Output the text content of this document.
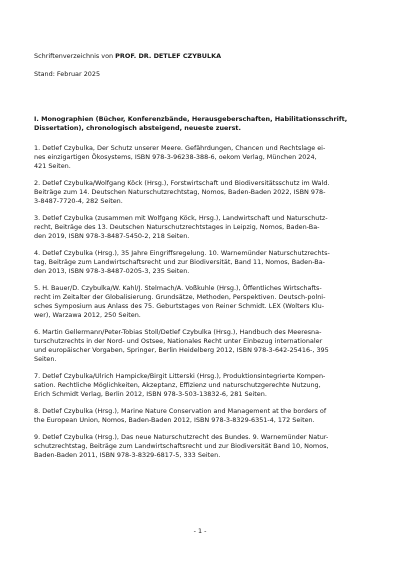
Schriftenverzeichnis von PROF. DR. DETLEF CZYBULKA
Stand: Februar 2025
I. Monographien (Bücher, Konferenzbände, Herausgeberschaften, Habilitationsschrift,
Dissertation), chronologisch absteigend, neueste zuerst.
1. Detlef Czybulka, Der Schutz unserer Meere. Gefährdungen, Chancen und Rechtslage ei-
nes einzigartigen Ökosystems, ISBN 978-3-96238-388-6, oekom Verlag, München 2024,
421 Seiten.
2. Detlef Czybulka/Wolfgang Köck (Hrsg.), Forstwirtschaft und Biodiversitätsschutz im Wald.
Beiträge zum 14. Deutschen Naturschutzrechtstag, Nomos, Baden-Baden 2022, ISBN 978-
3-8487-7720-4, 282 Seiten.
3. Detlef Czybulka (zusammen mit Wolfgang Köck, Hrsg.), Landwirtschaft und Naturschutz-
recht, Beiträge des 13. Deutschen Naturschutzrechtstages in Leipzig, Nomos, Baden-Ba-
den 2019, ISBN 978-3-8487-5450-2, 218 Seiten.
4. Detlef Czybulka (Hrsg.), 35 Jahre Eingriffsregelung. 10. Warnemünder Naturschutzrechts-
tag, Beiträge zum Landwirtschaftsrecht und zur Biodiversität, Band 11, Nomos, Baden-Ba-
den 2013, ISBN 978-3-8487-0205-3, 235 Seiten.
5. H. Bauer/D. Czybulka/W. Kahl/J. Stelmach/A. Voßkuhle (Hrsg.), Öffentliches Wirtschafts-
recht im Zeitalter der Globalisierung. Grundsätze, Methoden, Perspektiven. Deutsch-polni-
sches Symposium aus Anlass des 75. Geburtstages von Reiner Schmidt. LEX (Wolters Klu-
wer), Warzawa 2012, 250 Seiten.
6. Martin Gellermann/Peter-Tobias Stoll/Detlef Czybulka (Hrsg.), Handbuch des Meeresna-
turschutzrechts in der Nord- und Ostsee, Nationales Recht unter Einbezug internationaler
und europäischer Vorgaben, Springer, Berlin Heidelberg 2012, ISBN 978-3-642-25416-, 395
Seiten.
7. Detlef Czybulka/Ulrich Hampicke/Birgit Litterski (Hrsg.), Produktionsintegrierte Kompen-
sation. Rechtliche Möglichkeiten, Akzeptanz, Effizienz und naturschutzgerechte Nutzung,
Erich Schmidt Verlag, Berlin 2012, ISBN 978-3-503-13832-6, 281 Seiten.
8. Detlef Czybulka (Hrsg.), Marine Nature Conservation and Management at the borders of
the European Union, Nomos, Baden-Baden 2012, ISBN 978-3-8329-6351-4, 172 Seiten.
9. Detlef Czybulka (Hrsg.), Das neue Naturschutzrecht des Bundes. 9. Warnemünder Natur-
schutzrechtstag, Beiträge zum Landwirtschaftsrecht und zur Biodiversität Band 10, Nomos,
Baden-Baden 2011, ISBN 978-3-8329-6817-5, 333 Seiten.
- 1 -
